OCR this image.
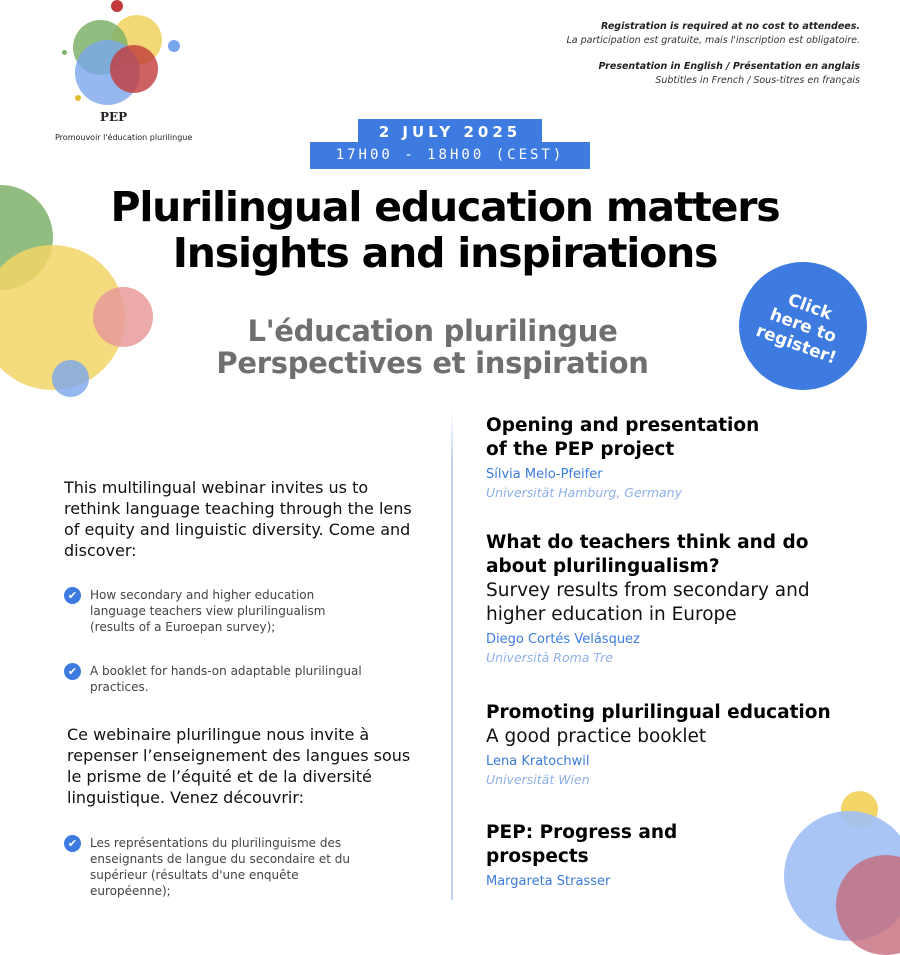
PEP
Promouvoir l'éducation plurilingue
Registration is required at no cost to attendees.
La participation est gratuite, mais l'inscription est obligatoire.
Presentation in English / Présentation en anglais
Subtitles in French / Sous-titres en français
17H00 - 18H00 (CEST)
2 JULY 2025
Plurilingual education matters
Insights and inspirations
L'éducation plurilingue
Perspectives et inspiration
Click here to register!
This multilingual webinar invites us to rethink language teaching through the lens of equity and linguistic diversity. Come and discover:
✔	How secondary and higher education language teachers view plurilingualism (results of a Euroepan survey);
✔	A booklet for hands-on adaptable plurilingual practices.
Ce webinaire plurilingue nous invite à repenser l’enseignement des langues sous le prisme de l’équité et de la diversité linguistique. Venez découvrir:
✔	Les représentations du plurilinguisme des enseignants de langue du secondaire et du supérieur (résultats d'une enquête européenne);
Opening and presentation of the PEP project
Sílvia Melo-Pfeifer
Universität Hamburg, Germany
What do teachers think and do about plurilingualism?
Survey results from secondary and higher education in Europe
Diego Cortés Velásquez
Università Roma Tre
Promoting plurilingual education
A good practice booklet
Lena Kratochwil
Universität Wien
PEP: Progress and prospects
Margareta Strasser
